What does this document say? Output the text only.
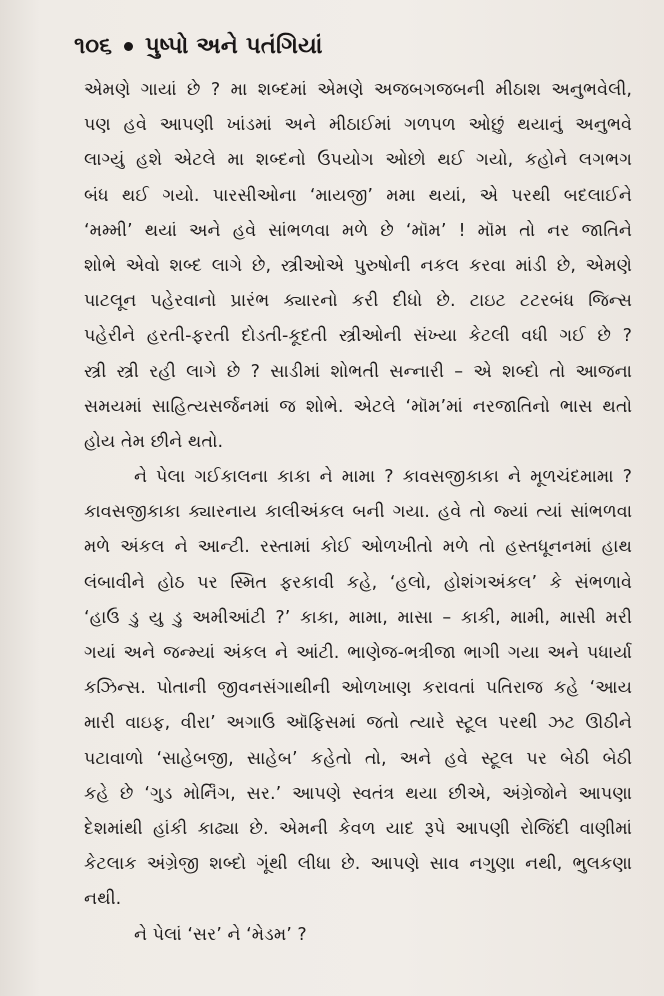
૧૦૬ પુષ્પો અને પતંગિયાં
એમણે ગાયાં છે ? મા શબ્દમાં એમણે અજબગજબની મીઠાશ અનુભવેલી,
પણ હવે આપણી ખાંડમાં અને મીઠાઈમાં ગળપળ ઓછું થયાનું અનુભવે
લાગ્યું હશે એટલે મા શબ્દનો ઉપયોગ ઓછો થઈ ગયો, કહોને લગભગ
બંધ થઈ ગયો. પારસીઓના ‘માયજી’ મમા થયાં, એ પરથી બદલાઈને
‘મમ્મી’ થયાં અને હવે સાંભળવા મળે છે ‘મૉમ’ ! મૉમ તો નર જાતિને
શોભે એવો શબ્દ લાગે છે, સ્ત્રીઓએ પુરુષોની નકલ કરવા માંડી છે, એમણે
પાટલૂન પહેરવાનો પ્રારંભ ક્યારનો કરી દીધો છે. ટાઇટ ટટરબંધ જિન્સ
પહેરીને હરતી-ફરતી દોડતી-કૂદતી સ્ત્રીઓની સંખ્યા કેટલી વધી ગઈ છે ?
સ્ત્રી સ્ત્રી રહી લાગે છે ? સાડીમાં શોભતી સન્નારી – એ શબ્દો તો આજના
સમયમાં સાહિત્યસર્જનમાં જ શોભે. એટલે ‘મૉમ’માં નરજાતિનો ભાસ થતો
હોય તેમ છીને થતો.
ને પેલા ગઈકાલના કાકા ને મામા ? કાવસજીકાકા ને મૂળચંદમામા ?
કાવસજીકાકા ક્યારનાય કાલીઅંકલ બની ગયા. હવે તો જ્યાં ત્યાં સાંભળવા
મળે અંકલ ને આન્ટી. રસ્તામાં કોઈ ઓળખીતો મળે તો હસ્તધૂનનમાં હાથ
લંબાવીને હોઠ પર સ્મિત ફરકાવી કહે, ‘હલો, હોશંગઅંકલ’ કે સંભળાવે
‘હાઉ ડુ યુ ડુ અમીઆંટી ?’ કાકા, મામા, માસા – કાકી, મામી, માસી મરી
ગયાં અને જન્મ્યાં અંકલ ને આંટી. ભાણેજ-ભત્રીજા ભાગી ગયા અને પધાર્યા
કઝિન્સ. પોતાની જીવનસંગાથીની ઓળખાણ કરાવતાં પતિરાજ કહે ‘આય
મારી વાઇફ, વીરા’ અગાઉ ઑફિસમાં જતો ત્યારે સ્ટૂલ પરથી ઝટ ઊઠીને
પટાવાળો ‘સાહેબજી, સાહેબ’ કહેતો તો, અને હવે સ્ટૂલ પર બેઠી બેઠી
કહે છે ‘ગુડ મોર્નિંગ, સર.’ આપણે સ્વતંત્ર થયા છીએ, અંગ્રેજોને આપણા
દેશમાંથી હાંકી કાઢ્યા છે. એમની કેવળ યાદ રૂપે આપણી રોજિંદી વાણીમાં
કેટલાક અંગ્રેજી શબ્દો ગૂંથી લીધા છે. આપણે સાવ નગુણા નથી, ભુલકણા
નથી.
ને પેલાં ‘સર’ ને ‘મેડમ’ ?
